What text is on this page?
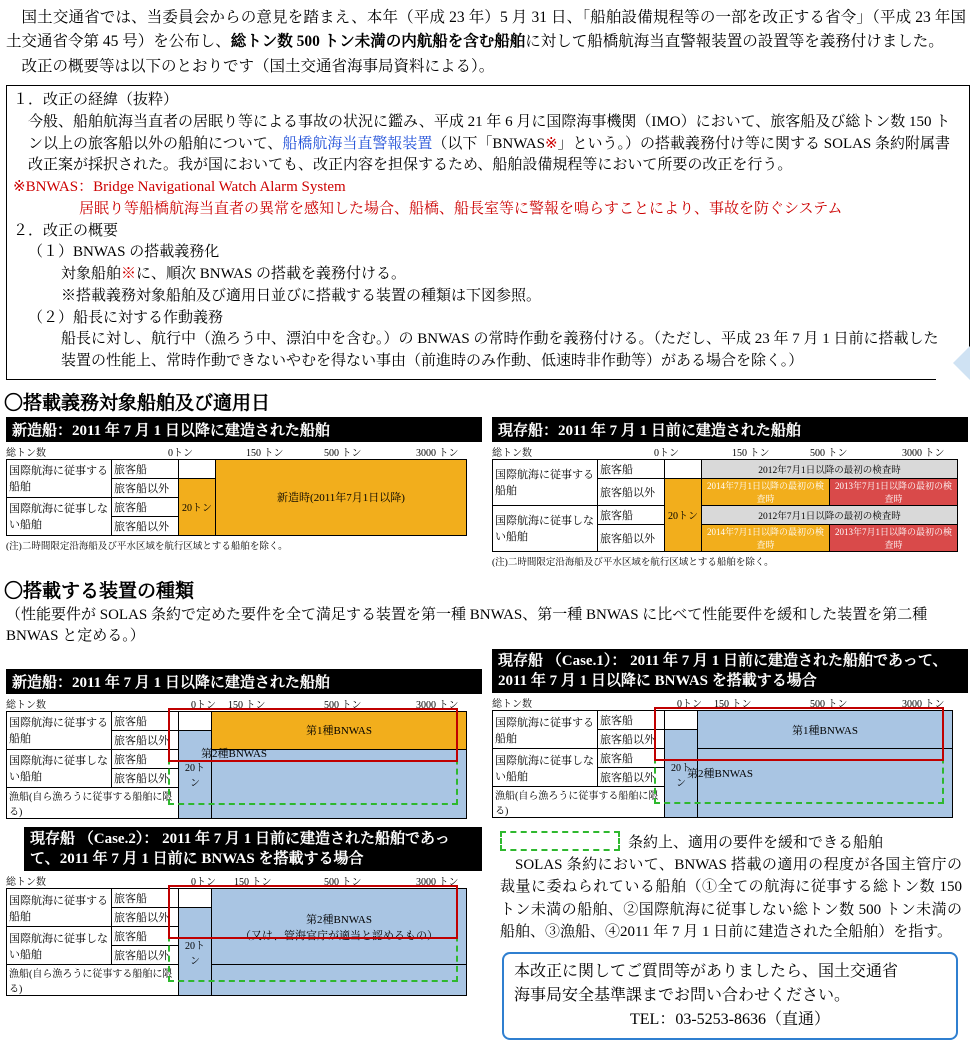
国土交通省では、当委員会からの意見を踏まえ、本年（平成 23 年）5 月 31 日、「船舶設備規程等の一部を改正する省令」（平成 23 年国土交通省令第 45 号）を公布し、総トン数 500 トン未満の内航船を含む船舶に対して船橋航海当直警報装置の設置等を義務付けました。

改正の概要等は以下のとおりです（国土交通省海事局資料による）。

１．改正の経緯（抜粋）
今般、船舶航海当直者の居眠り等による事故の状況に鑑み、平成 21 年 6 月に国際海事機関（IMO）において、旅客船及び総トン数 150 トン以上の旅客船以外の船舶について、船橋航海当直警報装置（以下「BNWAS※」という。）の搭載義務付け等に関する SOLAS 条約附属書改正案が採択された。我が国においても、改正内容を担保するため、船舶設備規程等において所要の改正を行う。
※BNWAS：Bridge Navigational Watch Alarm System
居眠り等船橋航海当直者の異常を感知した場合、船橋、船長室等に警報を鳴らすことにより、事故を防ぐシステム
２．改正の概要
（１）BNWAS の搭載義務化
対象船舶※に、順次 BNWAS の搭載を義務付ける。
※搭載義務対象船舶及び適用日並びに搭載する装置の種類は下図参照。
（２）船長に対する作動義務
船長に対し、航行中（漁ろう中、漂泊中を含む。）の BNWAS の常時作動を義務付ける。（ただし、平成 23 年 7 月 1 日前に搭載した
装置の性能上、常時作動できないやむを得ない事由（前進時のみ作動、低速時非作動等）がある場合を除く。）
〇搭載義務対象船舶及び適用日
新造船：2011 年 7 月 1 日以降に建造された船舶
総トン数	0トン	150 トン	500 トン	3000 トン
国際航海に従事する船舶	旅客船		新造時(2011年7月1日以降)
	旅客船以外	20トン	
国際航海に従事しない船舶	旅客船		
	旅客船以外		
(注)二時間限定沿海船及び平水区域を航行区域とする船舶を除く。
現存船：2011 年 7 月 1 日前に建造された船舶
総トン数	0トン	150 トン	500 トン	3000 トン
国際航海に従事する船舶	旅客船		2012年7月1日以降の最初の検査時	
	旅客船以外	20トン	2014年7月1日以降の最初の検査時	2013年7月1日以降の最初の検査時
国際航海に従事しない船舶	旅客船		2012年7月1日以降の最初の検査時	
	旅客船以外		2014年7月1日以降の最初の検査時	2013年7月1日以降の最初の検査時
(注)二時間限定沿海船及び平水区域を航行区域とする船舶を除く。
〇搭載する装置の種類
（性能要件が SOLAS 条約で定めた要件を全て満足する装置を第一種 BNWAS、第一種 BNWAS に比べて性能要件を緩和した装置を第二種 BNWAS と定める。）
新造船：2011 年 7 月 1 日以降に建造された船舶
総トン数	0トン 150 トン	500 トン	3000 トン
国際航海に従事する船舶	旅客船		第1種BNWAS
	旅客船以外	20トン	
国際航海に従事しない船舶	旅客船		
	旅客船以外		
漁船(自ら漁ろうに従事する船舶に限る)			
第2種BNWAS
現存船 （Case.1）： 2011 年 7 月 1 日前に建造された船舶であって、2011 年 7 月 1 日以降に BNWAS を搭載する場合
総トン数	0トン 150 トン	500 トン	3000 トン
国際航海に従事する船舶	旅客船		第1種BNWAS
	旅客船以外	20トン	
国際航海に従事しない船舶	旅客船		
	旅客船以外		
漁船(自ら漁ろうに従事する船舶に限る)			
第2種BNWAS
現存船 （Case.2）： 2011 年 7 月 1 日前に建造された船舶であって、2011 年 7 月 1 日前に BNWAS を搭載する場合
総トン数	0トン 150 トン	500 トン	3000 トン
国際航海に従事する船舶	旅客船		第2種BNWAS
（又は、管海官庁が適当と認めるもの）

	旅客船以外	20トン	
国際航海に従事しない船舶	旅客船		
	旅客船以外		
漁船(自ら漁ろうに従事する船舶に限る)			
条約上、適用の要件を緩和できる船舶
SOLAS 条約において、BNWAS 搭載の適用の程度が各国主管庁の裁量に委ねられている船舶（①全ての航海に従事する総トン数 150 トン未満の船舶、②国際航海に従事しない総トン数 500 トン未満の船舶、③漁船、④2011 年 7 月 1 日前に建造された全船舶）を指す。
本改正に関してご質問等がありましたら、国土交通省
海事局安全基準課までお問い合わせください。
TEL：03-5253-8636（直通）
